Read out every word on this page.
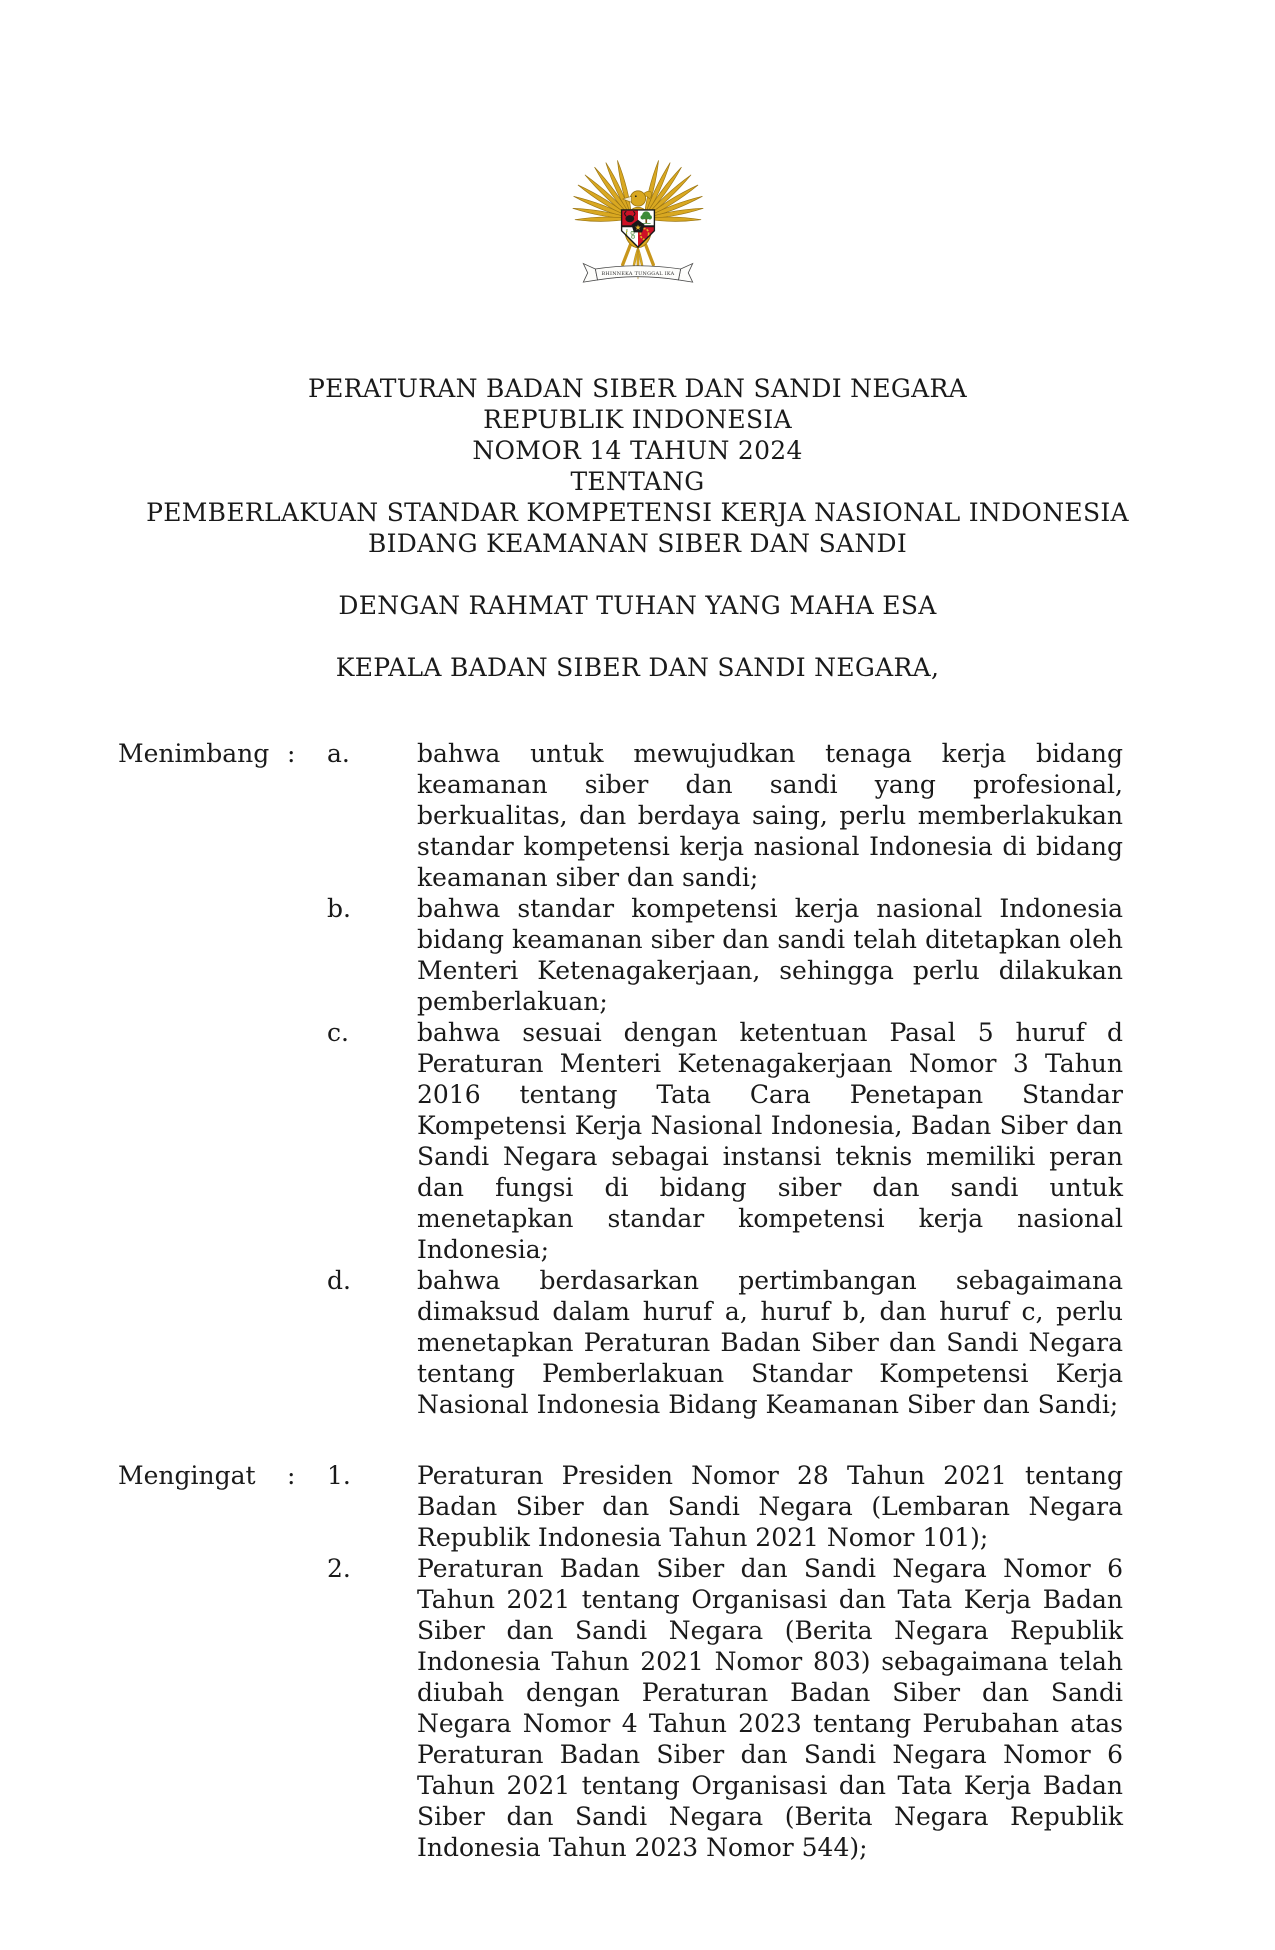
★
BHINNEKA TUNGGAL IKA
PERATURAN BADAN SIBER DAN SANDI NEGARA
REPUBLIK INDONESIA
NOMOR 14 TAHUN 2024
TENTANG
PEMBERLAKUAN STANDAR KOMPETENSI KERJA NASIONAL INDONESIA
BIDANG KEAMANAN SIBER DAN SANDI
DENGAN RAHMAT TUHAN YANG MAHA ESA
KEPALA BADAN SIBER DAN SANDI NEGARA,
Menimbang :	a.	bahwa untuk mewujudkan tenaga kerja bidang keamanan siber dan sandi yang profesional, berkualitas, dan berdaya saing, perlu memberlakukan standar kompetensi kerja nasional Indonesia di bidang keamanan siber dan sandi;
b.	bahwa standar kompetensi kerja nasional Indonesia bidang keamanan siber dan sandi telah ditetapkan oleh Menteri Ketenagakerjaan, sehingga perlu dilakukan pemberlakuan;
c.	bahwa sesuai dengan ketentuan Pasal 5 huruf d Peraturan Menteri Ketenagakerjaan Nomor 3 Tahun 2016 tentang Tata Cara Penetapan Standar Kompetensi Kerja Nasional Indonesia, Badan Siber dan Sandi Negara sebagai instansi teknis memiliki peran dan fungsi di bidang siber dan sandi untuk menetapkan standar kompetensi kerja nasional Indonesia;
d.	bahwa berdasarkan pertimbangan sebagaimana dimaksud dalam huruf a, huruf b, dan huruf c, perlu menetapkan Peraturan Badan Siber dan Sandi Negara tentang Pemberlakuan Standar Kompetensi Kerja Nasional Indonesia Bidang Keamanan Siber dan Sandi;
Mengingat	:	1.	Peraturan Presiden Nomor 28 Tahun 2021 tentang Badan Siber dan Sandi Negara (Lembaran Negara Republik Indonesia Tahun 2021 Nomor 101);
2.	Peraturan Badan Siber dan Sandi Negara Nomor 6 Tahun 2021 tentang Organisasi dan Tata Kerja Badan Siber dan Sandi Negara (Berita Negara Republik Indonesia Tahun 2021 Nomor 803) sebagaimana telah diubah dengan Peraturan Badan Siber dan Sandi Negara Nomor 4 Tahun 2023 tentang Perubahan atas Peraturan Badan Siber dan Sandi Negara Nomor 6 Tahun 2021 tentang Organisasi dan Tata Kerja Badan Siber dan Sandi Negara (Berita Negara Republik Indonesia Tahun 2023 Nomor 544);
